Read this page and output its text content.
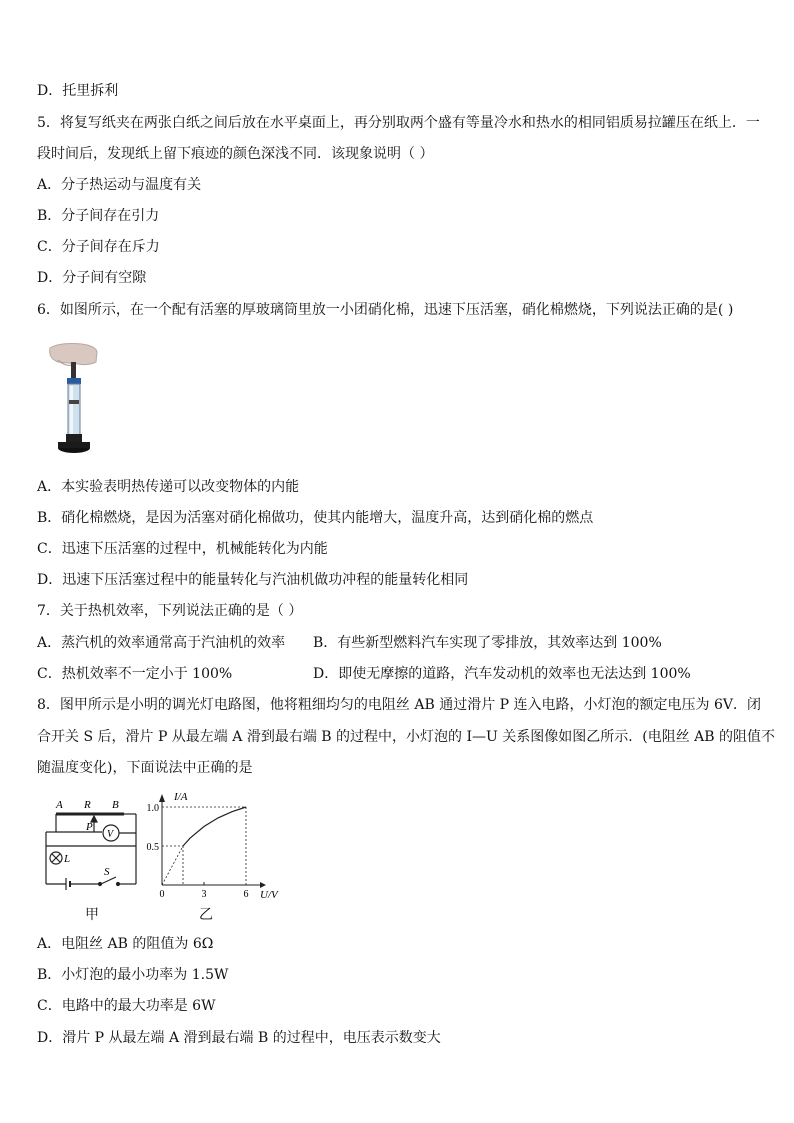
D．托里拆利
5．将复写纸夹在两张白纸之间后放在水平桌面上，再分别取两个盛有等量冷水和热水的相同铝质易拉罐压在纸上．一
段时间后，发现纸上留下痕迹的颜色深浅不同．该现象说明（ ）
A．分子热运动与温度有关
B．分子间存在引力
C．分子间存在斥力
D．分子间有空隙
6．如图所示，在一个配有活塞的厚玻璃筒里放一小团硝化棉，迅速下压活塞，硝化棉燃烧，下列说法正确的是( )
A．本实验表明热传递可以改变物体的内能
B．硝化棉燃烧，是因为活塞对硝化棉做功，使其内能增大，温度升高，达到硝化棉的燃点
C．迅速下压活塞的过程中，机械能转化为内能
D．迅速下压活塞过程中的能量转化与汽油机做功冲程的能量转化相同
7．关于热机效率，下列说法正确的是（ ）
A．蒸汽机的效率通常高于汽油机的效率 B．有些新型燃料汽车实现了零排放，其效率达到 100%
C．热机效率不一定小于 100%	D．即使无摩擦的道路，汽车发动机的效率也无法达到 100%
8．图甲所示是小明的调光灯电路图，他将粗细均匀的电阻丝 AB 通过滑片 P 连入电路，小灯泡的额定电压为 6V．闭
合开关 S 后，滑片 P 从最左端 A 滑到最右端 B 的过程中，小灯泡的 I—U 关系图像如图乙所示．(电阻丝 AB 的阻值不
随温度变化)，下面说法中正确的是
A R B
P
V
L
S
甲
I/A
U/V
1.0
0.5
0	3	6
乙
A．电阻丝 AB 的阻值为 6Ω
B．小灯泡的最小功率为 1.5W
C．电路中的最大功率是 6W
D．滑片 P 从最左端 A 滑到最右端 B 的过程中，电压表示数变大
